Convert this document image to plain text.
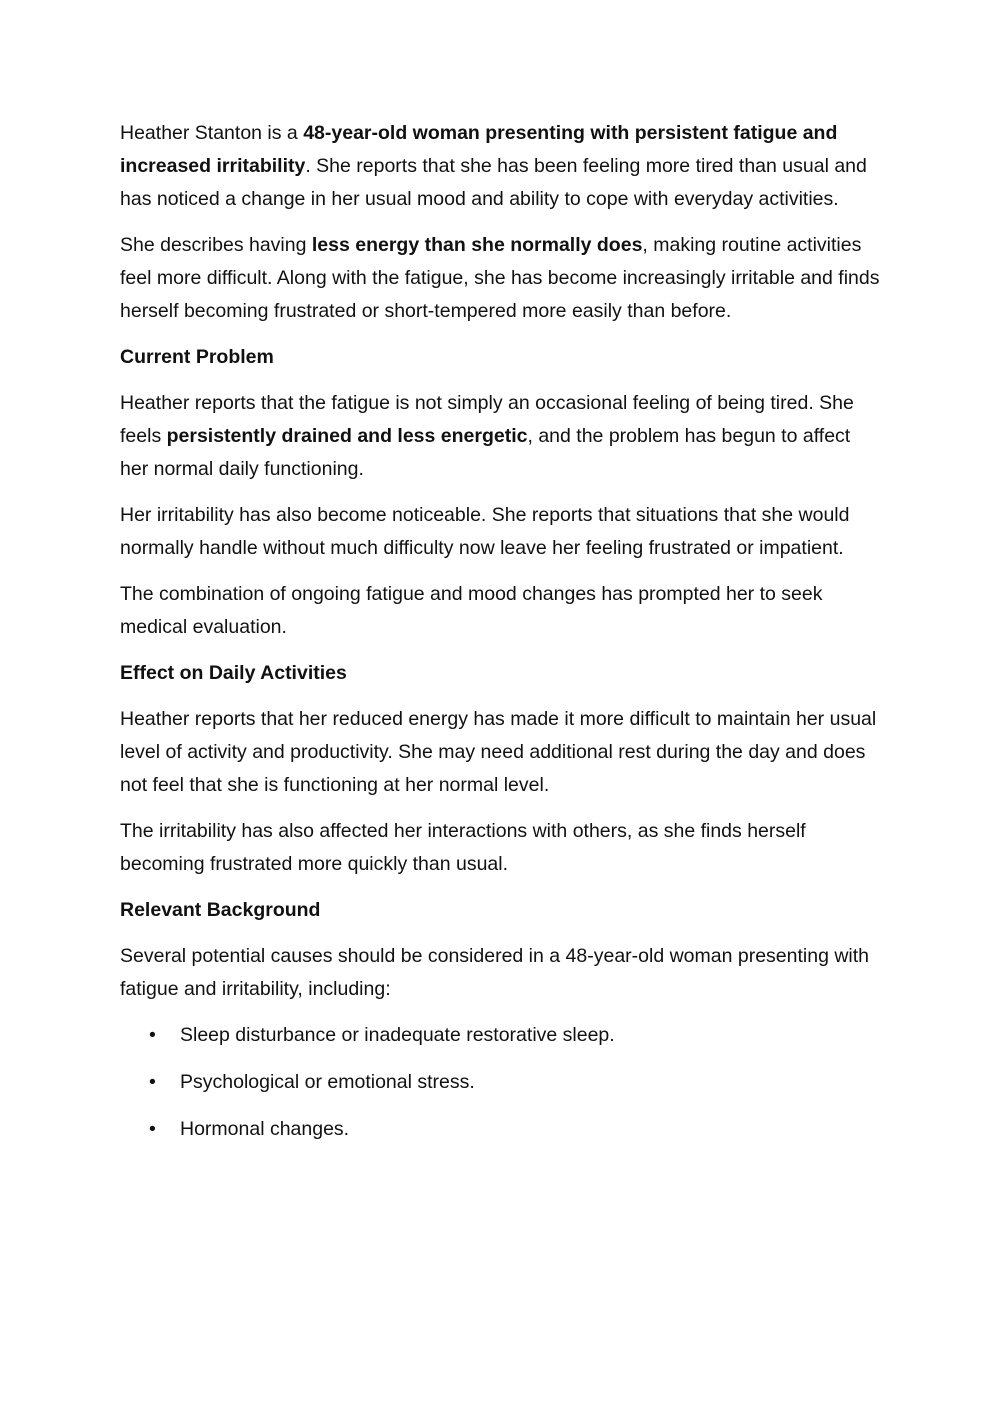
Heather Stanton is a 48-year-old woman presenting with persistent fatigue and increased irritability. She reports that she has been feeling more tired than usual and has noticed a change in her usual mood and ability to cope with everyday activities.

She describes having less energy than she normally does, making routine activities feel more difficult. Along with the fatigue, she has become increasingly irritable and finds herself becoming frustrated or short-tempered more easily than before.

Current Problem

Heather reports that the fatigue is not simply an occasional feeling of being tired. She feels persistently drained and less energetic, and the problem has begun to affect her normal daily functioning.

Her irritability has also become noticeable. She reports that situations that she would normally handle without much difficulty now leave her feeling frustrated or impatient.

The combination of ongoing fatigue and mood changes has prompted her to seek medical evaluation.

Effect on Daily Activities

Heather reports that her reduced energy has made it more difficult to maintain her usual level of activity and productivity. She may need additional rest during the day and does not feel that she is functioning at her normal level.

The irritability has also affected her interactions with others, as she finds herself becoming frustrated more quickly than usual.

Relevant Background

Several potential causes should be considered in a 48-year-old woman presenting with fatigue and irritability, including:

• Sleep disturbance or inadequate restorative sleep.
• Psychological or emotional stress.
• Hormonal changes.
